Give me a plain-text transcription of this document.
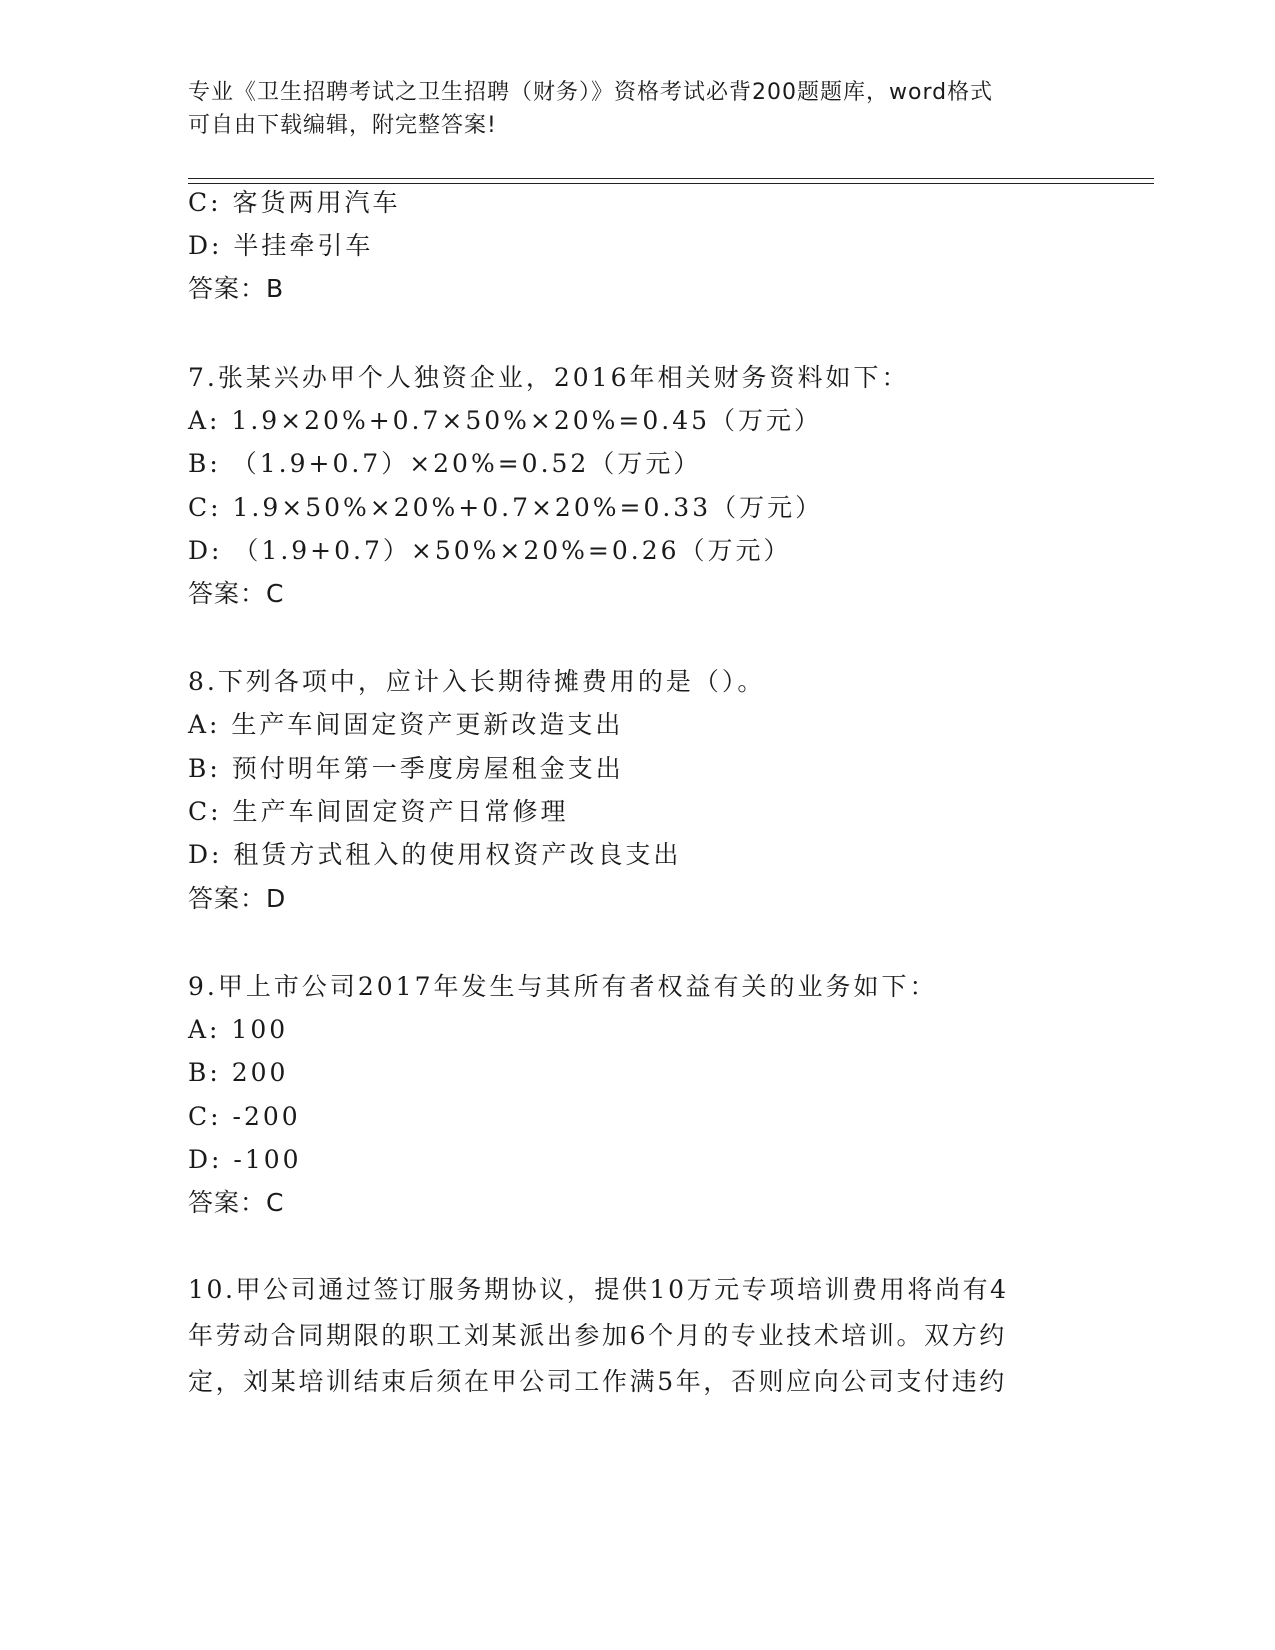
专业《卫生招聘考试之卫生招聘（财务）》资格考试必背200题题库，word格式
可自由下载编辑，附完整答案!
C: 客货两用汽车
D: 半挂牵引车
答案：B
7.张某兴办甲个人独资企业，2016年相关财务资料如下：
A: 1.9×20%+0.7×50%×20%=0.45（万元）
B: （1.9+0.7）×20%=0.52（万元）
C: 1.9×50%×20%+0.7×20%=0.33（万元）
D: （1.9+0.7）×50%×20%=0.26（万元）
答案：C
8.下列各项中，应计入长期待摊费用的是（）。
A: 生产车间固定资产更新改造支出
B: 预付明年第一季度房屋租金支出
C: 生产车间固定资产日常修理
D: 租赁方式租入的使用权资产改良支出
答案：D
9.甲上市公司2017年发生与其所有者权益有关的业务如下：
A: 100
B: 200
C: -200
D: -100
答案：C
10.甲公司通过签订服务期协议，提供10万元专项培训费用将尚有4
年劳动合同期限的职工刘某派出参加6个月的专业技术培训。双方约
定，刘某培训结束后须在甲公司工作满5年，否则应向公司支付违约
